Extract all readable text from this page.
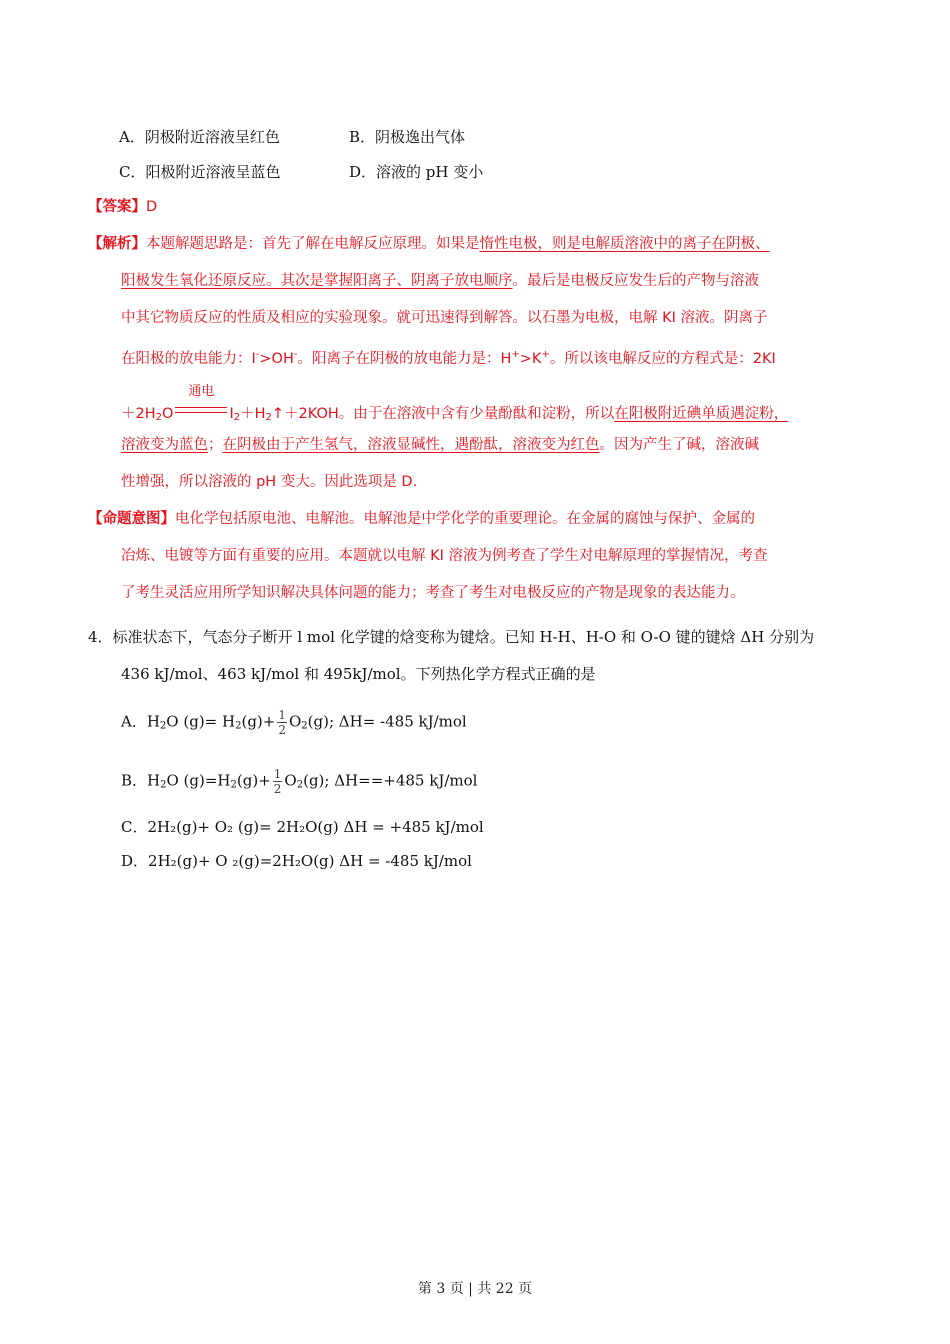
A．阴极附近溶液呈红色	B．阴极逸出气体
C．阳极附近溶液呈蓝色	D．溶液的 pH 变小
【答案】D
【解析】本题解题思路是：首先了解在电解反应原理。如果是惰性电极，则是电解质溶液中的离子在阴极、
阳极发生氧化还原反应。其次是掌握阳离子、阴离子放电顺序。最后是电极反应发生后的产物与溶液
中其它物质反应的性质及相应的实验现象。就可迅速得到解答。以石墨为电极，电解 KI 溶液。阴离子
在阳极的放电能力：I->OH-。阳离子在阴极的放电能力是：H+>K+。所以该电解反应的方程式是：2KI
$+2H_2O$
通电
$I_2+H_2↑+2KOH$。由于在溶液中含有少量酚酞和淀粉，所以在阳极附近碘单质遇淀粉，
溶液变为蓝色；在阴极由于产生氢气，溶液显碱性，遇酚酞，溶液变为红色。因为产生了碱，溶液碱
性增强，所以溶液的 pH 变大。因此选项是 D.
【命题意图】电化学包括原电池、电解池。电解池是中学化学的重要理论。在金属的腐蚀与保护、金属的
冶炼、电镀等方面有重要的应用。本题就以电解 KI 溶液为例考查了学生对电解原理的掌握情况，考查
了考生灵活应用所学知识解决具体问题的能力；考查了考生对电极反应的产物是现象的表达能力。
4．标准状态下，气态分子断开 l mol 化学键的焓变称为键焓。已知 H-H、H-O 和 O-O 键的键焓 ΔH 分别为
436 kJ/mol、463 kJ/mol 和 495kJ/mol。下列热化学方程式正确的是
A．$H_2O$ $(g)= H_2(g)+ \frac{1}{2} O_2(g)$; ΔH= -485 kJ/mol
B．$H_2O$ $(g)=H_2(g)+ \frac{1}{2} O_2(g)$; ΔH==+485 kJ/mol
C．2H₂(g)+ O₂ (g)= 2H₂O(g) ΔH = +485 kJ/mol
D．2H₂(g)+ O ₂(g)=2H₂O(g) ΔH = -485 kJ/mol
第 3 页 | 共 22 页
